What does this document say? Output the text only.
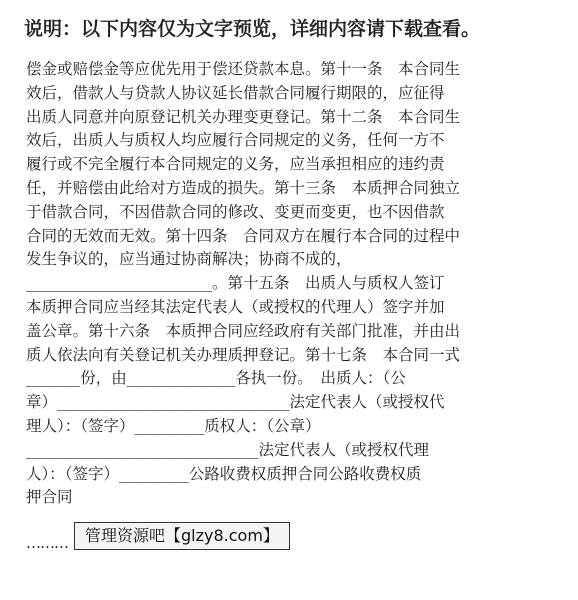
说明：以下内容仅为文字预览，详细内容请下载查看。
偿金或赔偿金等应优先用于偿还贷款本息。第十一条　本合同生
效后，借款人与贷款人协议延长借款合同履行期限的，应征得
出质人同意并向原登记机关办理变更登记。第十二条　本合同生
效后，出质人与质权人均应履行合同规定的义务，任何一方不
履行或不完全履行本合同规定的义务，应当承担相应的违约责
任，并赔偿由此给对方造成的损失。第十三条　本质押合同独立
于借款合同，不因借款合同的修改、变更而变更，也不因借款
合同的无效而无效。第十四条　合同双方在履行本合同的过程中
发生争议的，应当通过协商解决；协商不成的，
________________________。第十五条　出质人与质权人签订
本质押合同应当经其法定代表人（或授权的代理人）签字并加
盖公章。第十六条　本质押合同应经政府有关部门批准，并由出
质人依法向有关登记机关办理质押登记。第十七条　本合同一式
_______份，由______________各执一份。　出质人：（公
章）______________________________法定代表人（或授权代
理人）：（签字）_________质权人：（公章）
______________________________法定代表人（或授权代理
人）：（签字）_________公路收费权质押合同公路收费权质
押合同
………	管理资源吧【glzy8.com】
